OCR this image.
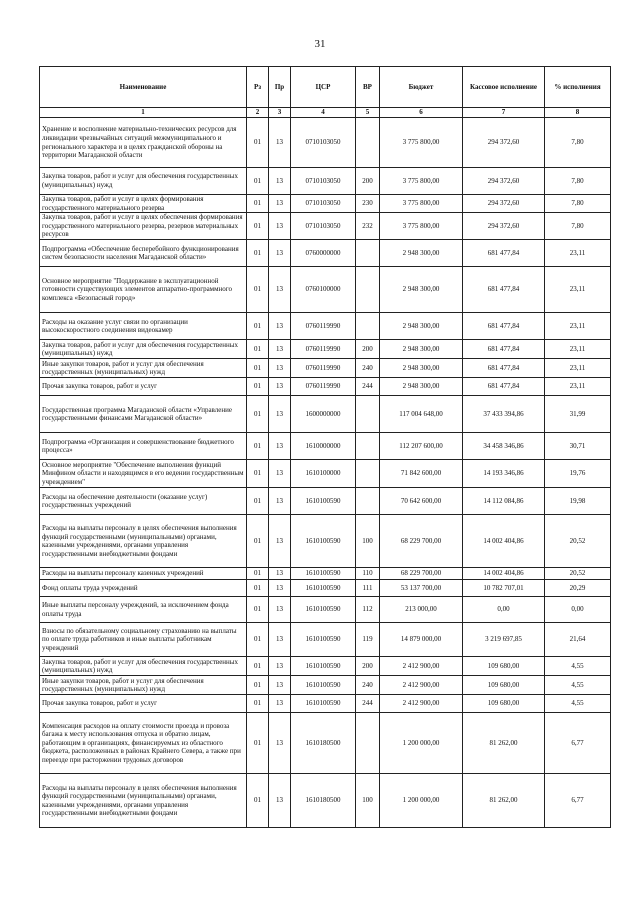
31
Наименование	Рз	Пр	ЦСР	ВР	Бюджет	Кассовое исполнение	% исполнения
1	2	3	4	5	6	7	8
Хранение и восполнение материально-технических ресурсов для ликвидации чрезвычайных ситуаций межмуниципального и регионального характера и в целях гражданской обороны на территории Магаданской области	01	13	0710103050		3 775 800,00	294 372,60	7,80
Закупка товаров, работ и услуг для обеспечения государственных (муниципальных) нужд	01	13	0710103050	200	3 775 800,00	294 372,60	7,80
Закупка товаров, работ и услуг в целях формирования государственного материального резерва	01	13	0710103050	230	3 775 800,00	294 372,60	7,80
Закупка товаров, работ и услуг в целях обеспечения формирования государственного материального резерва, резервов материальных ресурсов	01	13	0710103050	232	3 775 800,00	294 372,60	7,80
Подпрограмма «Обеспечение бесперебойного функционирования систем безопасности населения Магаданской области»	01	13	0760000000		2 948 300,00	681 477,84	23,11
Основное мероприятие "Поддержание в эксплуатационной готовности существующих элементов аппаратно-программного комплекса «Безопасный город»	01	13	0760100000		2 948 300,00	681 477,84	23,11
Расходы на оказание услуг связи по организации высокоскоростного соединения видеокамер	01	13	0760119990		2 948 300,00	681 477,84	23,11
Закупка товаров, работ и услуг для обеспечения государственных (муниципальных) нужд	01	13	0760119990	200	2 948 300,00	681 477,84	23,11
Иные закупки товаров, работ и услуг для обеспечения государственных (муниципальных) нужд	01	13	0760119990	240	2 948 300,00	681 477,84	23,11
Прочая закупка товаров, работ и услуг	01	13	0760119990	244	2 948 300,00	681 477,84	23,11
Государственная программа Магаданской области «Управление государственными финансами Магаданской области»	01	13	1600000000		117 004 648,00	37 433 394,86	31,99
Подпрограмма «Организация и совершенствование бюджетного процесса»	01	13	1610000000		112 207 600,00	34 458 346,86	30,71
Основное мероприятие "Обеспечение выполнения функций Минфином области и находящимся в его ведении государственным учреждением"	01	13	1610100000		71 842 600,00	14 193 346,86	19,76
Расходы на обеспечение деятельности (оказание услуг) государственных учреждений	01	13	1610100590		70 642 600,00	14 112 084,86	19,98
Расходы на выплаты персоналу в целях обеспечения выполнения функций государственными (муниципальными) органами, казенными учреждениями, органами управления государственными внебюджетными фондами	01	13	1610100590	100	68 229 700,00	14 002 404,86	20,52
Расходы на выплаты персоналу казенных учреждений	01	13	1610100590	110	68 229 700,00	14 002 404,86	20,52
Фонд оплаты труда учреждений	01	13	1610100590	111	53 137 700,00	10 782 707,01	20,29
Иные выплаты персоналу учреждений, за исключением фонда оплаты труда	01	13	1610100590	112	213 000,00	0,00	0,00
Взносы по обязательному социальному страхованию на выплаты по оплате труда работников и иные выплаты работникам учреждений	01	13	1610100590	119	14 879 000,00	3 219 697,85	21,64
Закупка товаров, работ и услуг для обеспечения государственных (муниципальных) нужд	01	13	1610100590	200	2 412 900,00	109 680,00	4,55
Иные закупки товаров, работ и услуг для обеспечения государственных (муниципальных) нужд	01	13	1610100590	240	2 412 900,00	109 680,00	4,55
Прочая закупка товаров, работ и услуг	01	13	1610100590	244	2 412 900,00	109 680,00	4,55
Компенсация расходов на оплату стоимости проезда и провоза багажа к месту использования отпуска и обратно лицам, работающим в организациях, финансируемых из областного бюджета, расположенных в районах Крайнего Севера, а также при переезде при расторжении трудовых договоров	01	13	1610180500		1 200 000,00	81 262,00	6,77
Расходы на выплаты персоналу в целях обеспечения выполнения функций государственными (муниципальными) органами, казенными учреждениями, органами управления государственными внебюджетными фондами	01	13	1610180500	100	1 200 000,00	81 262,00	6,77
